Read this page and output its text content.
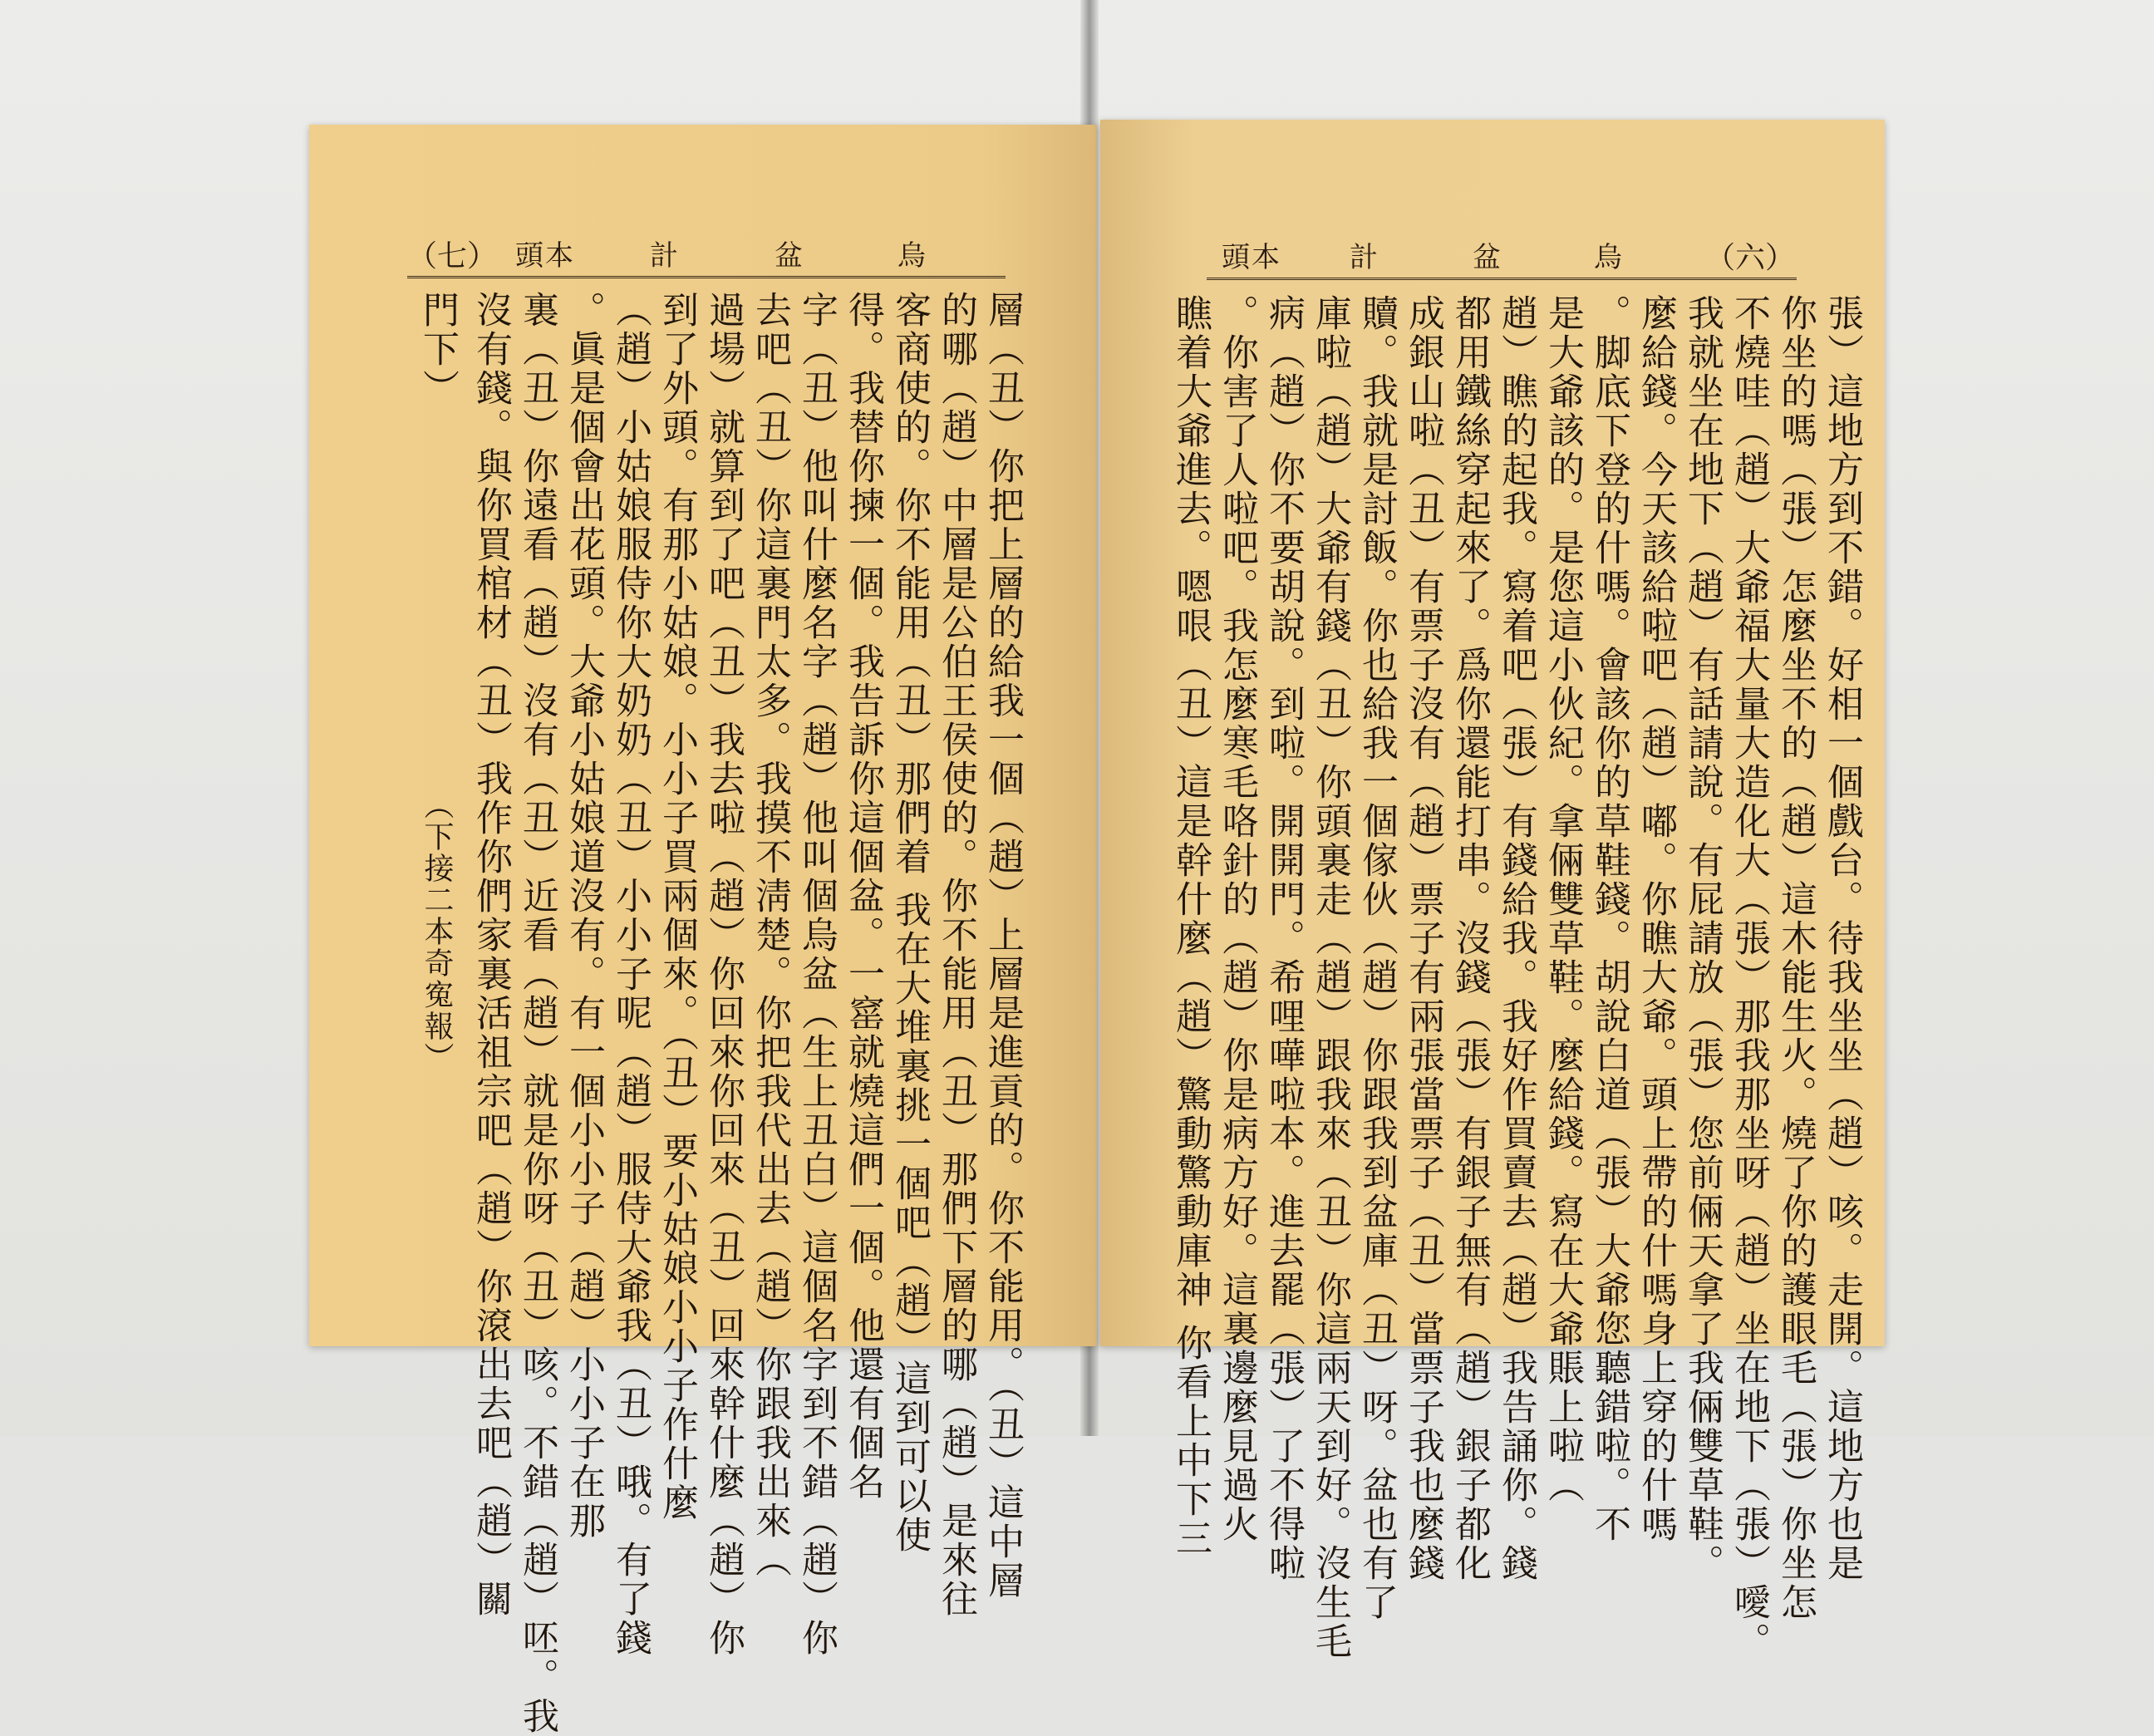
（七） 頭本	計	盆	烏
門下） 沒有錢。與你買棺材（丑）我作你們家裏活祖宗吧（趙）你滾出去吧（趙）關 裏（丑）你遠看（趙）沒有（丑）近看（趙）就是你呀（丑）咳。不錯（趙）呸。我 。眞是個會出花頭。大爺小姑娘道沒有。有一個小小子（趙）小小子在那 （趙）小姑娘服侍你大奶奶（丑）小小子呢（趙）服侍大爺我（丑）哦。有了錢 到了外頭。有那小姑娘。小小子買兩個來。（丑）要小姑娘小小子作什麼 過場）就算到了吧（丑）我去啦（趙）你回來你回來（丑）回來幹什麼（趙）你 去吧（丑）你這裏門太多。我摸不淸楚。你把我代出去（趙）你跟我出來（ 字（丑）他叫什麼名字（趙）他叫個烏盆（生上丑白）這個名字到不錯（趙）你 得。我替你揀一個。我告訴你這個盆。一窰就燒這們一個。他還有個名 客商使的。你不能用（丑）那們着 我在大堆裏挑一個吧（趙）這到可以使 的哪（趙）中層是公伯王侯使的。你不能用（丑）那們下層的哪（趙）是來往 層（丑）你把上層的給我一個（趙）上層是進貢的。你不能用。（丑）這中層
（下接二本奇寃報）
頭本 計	盆	烏	（六）
瞧着大爺進去。嗯哏（丑）這是幹什麼（趙）驚動驚動庫神 你看上中下三 。你害了人啦吧。我怎麼寒毛咯針的（趙）你是病方好。這裏邊麼見過火 病（趙）你不要胡說。到啦。開開門。希哩嘩啦本。進去罷（張）了不得啦 庫啦（趙）大爺有錢（丑）你頭裏走（趙）跟我來（丑）你這兩天到好。沒生毛 贖。我就是討飯。你也給我一個傢伙（趙）你跟我到盆庫（丑）呀。盆也有了 成銀山啦（丑）有票子沒有（趙）票子有兩張當票子（丑）當票子我也麼錢 都用鐵絲穿起來了。爲你還能打串。沒錢（張）有銀子無有（趙）銀子都化 趙）瞧的起我。寫着吧（張）有錢給我。我好作買賣去（趙）我告誦你。錢 是大爺該的。是您這小伙紀。拿倆雙草鞋。麼給錢。寫在大爺賬上啦（ 。脚底下登的什嗎。會該你的草鞋錢。胡說白道（張）大爺您聽錯啦。不 麼給錢。今天該給啦吧（趙）嘟。你瞧大爺。頭上帶的什嗎身上穿的什嗎 我就坐在地下（趙）有話請說。有屁請放（張）您前倆天拿了我倆雙草鞋。 不燒哇（趙）大爺福大量大造化大（張）那我那坐呀（趙）坐在地下（張）噯。 你坐的嗎（張）怎麼坐不的（趙）這木能生火。燒了你的護眼毛（張）你坐怎 張）這地方到不錯。好相一個戲台。待我坐坐（趙）咳。走開。這地方也是
